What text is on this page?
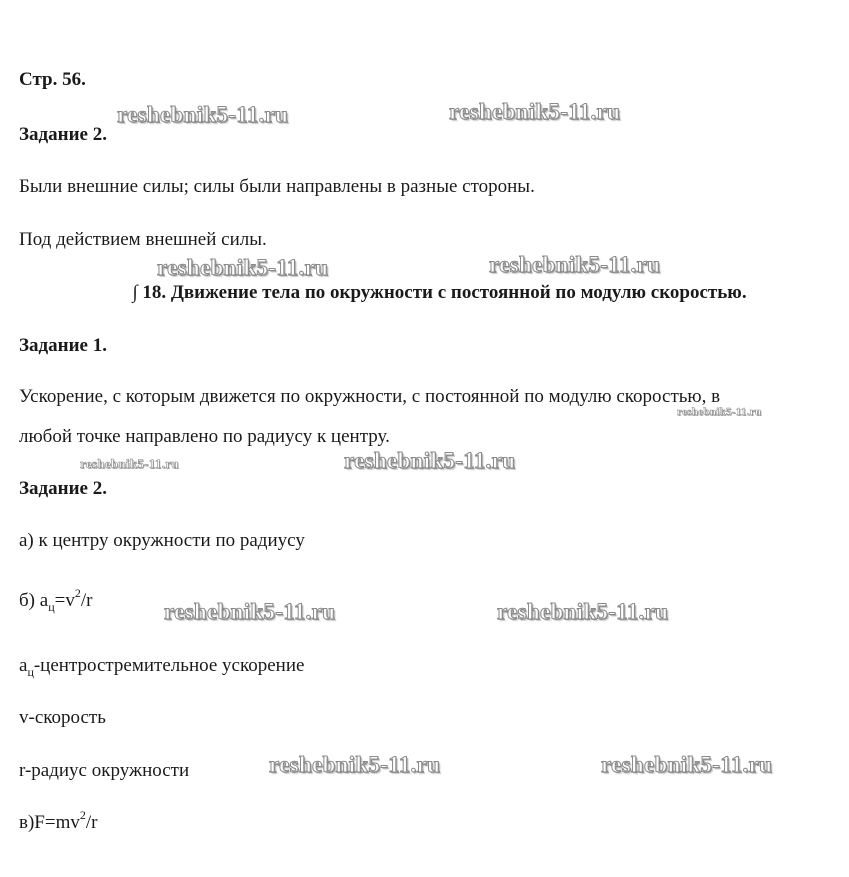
Стр. 56.
Задание 2.
Были внешние силы; силы были направлены в разные стороны.
Под действием внешней силы.
∫ 18. Движение тела по окружности с постоянной по модулю скоростью.
Задание 1.
Ускорение, с которым движется по окружности, с постоянной по модулю скоростью, в
любой точке направлено по радиусу к центру.
Задание 2.
а) к центру окружности по радиусу
б) $a_ц=v^2/r$
$a_ц$-центростремительное ускорение
v-скорость
r-радиус окружности
$в)F=mv^2/r$
reshebnik5-11.ru	reshebnik5-11.ru
reshebnik5-11.ru	reshebnik5-11.ru
reshebnik5-11.ru
reshebnik5-11.ru	reshebnik5-11.ru
reshebnik5-11.ru	reshebnik5-11.ru
reshebnik5-11.ru	reshebnik5-11.ru
